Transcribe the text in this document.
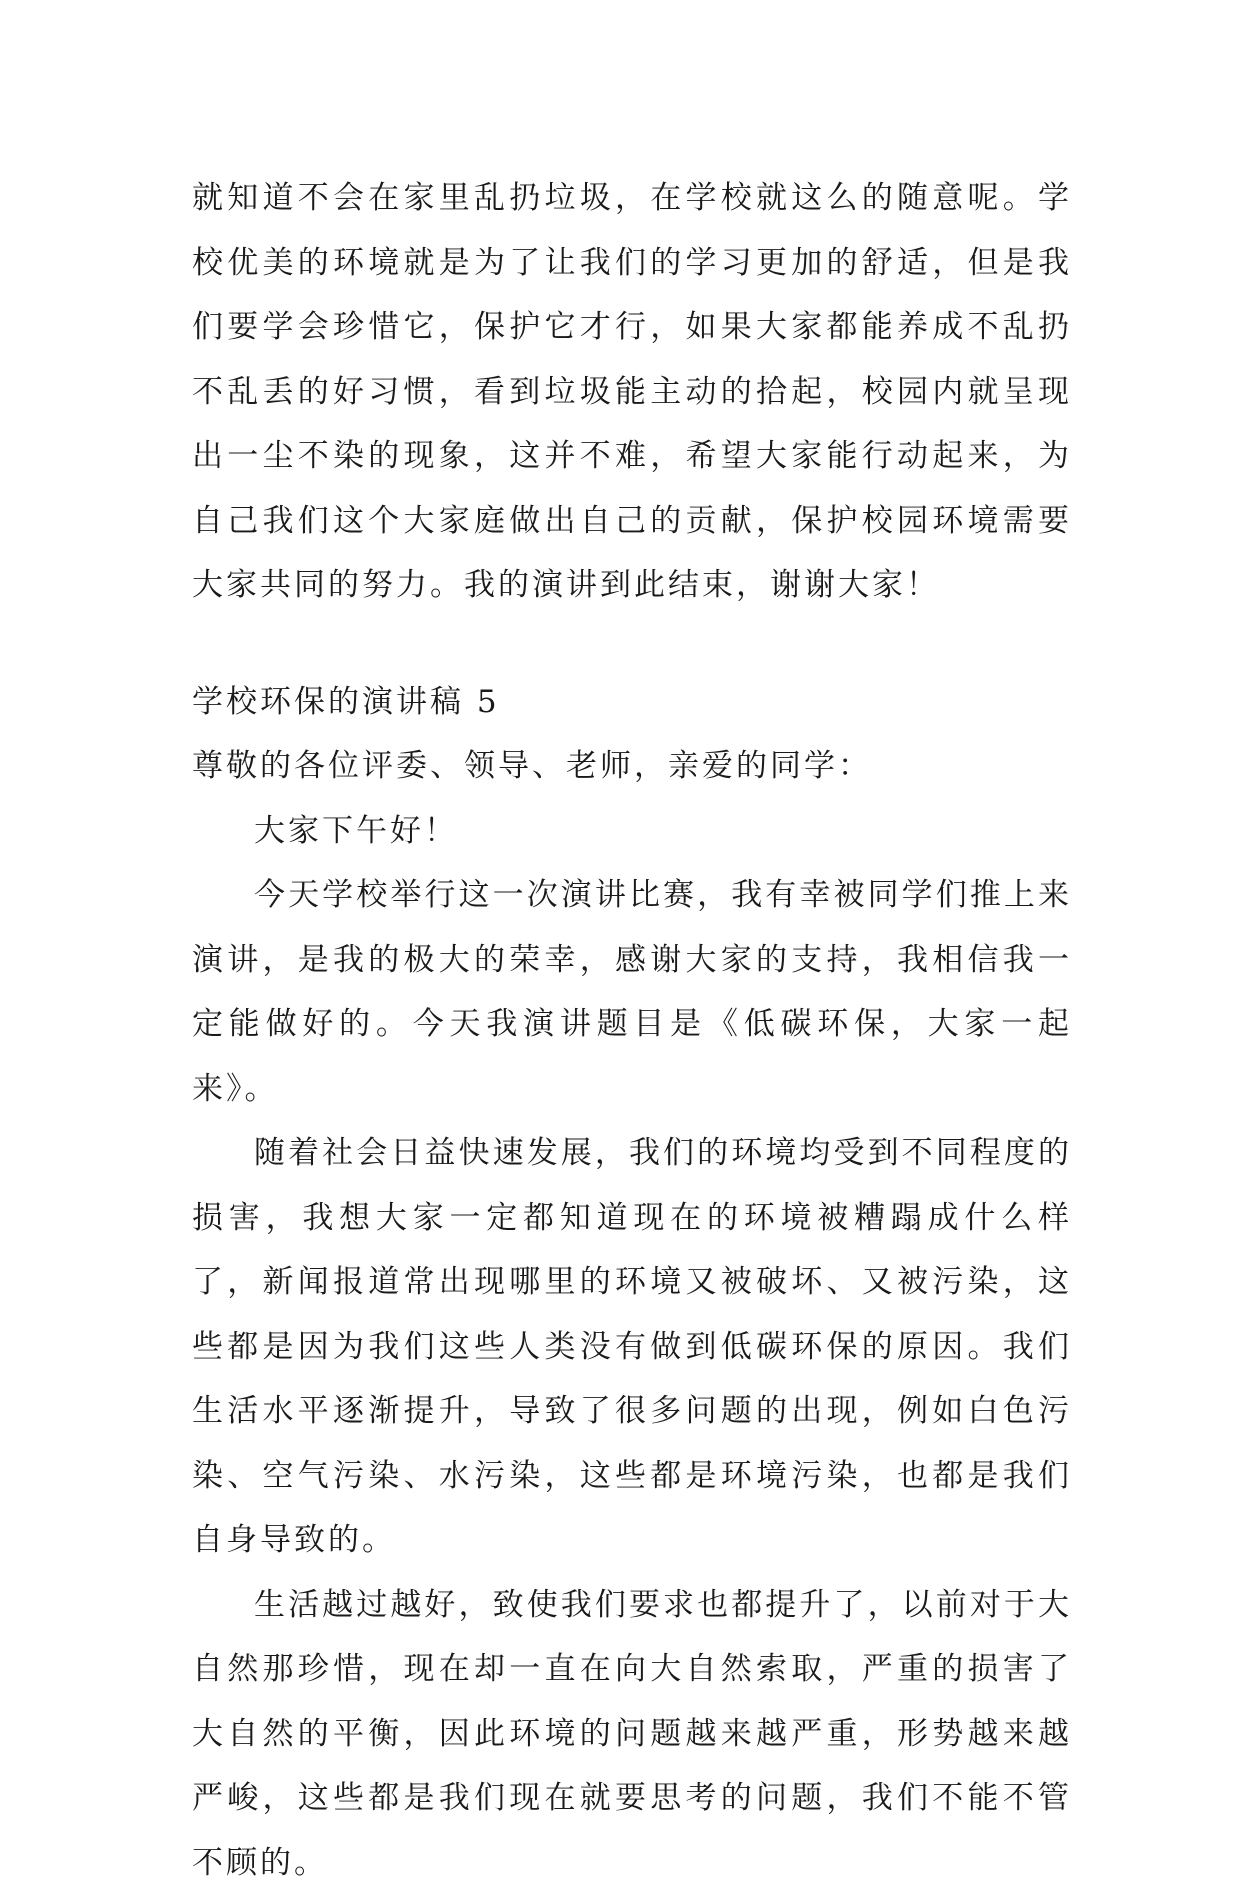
就知道不会在家里乱扔垃圾，在学校就这么的随意呢。学校优美的环境就是为了让我们的学习更加的舒适，但是我们要学会珍惜它，保护它才行，如果大家都能养成不乱扔不乱丢的好习惯，看到垃圾能主动的拾起，校园内就呈现出一尘不染的现象，这并不难，希望大家能行动起来，为自己我们这个大家庭做出自己的贡献，保护校园环境需要大家共同的努力。我的演讲到此结束，谢谢大家！

学校环保的演讲稿 5

尊敬的各位评委、领导、老师，亲爱的同学：

大家下午好！

今天学校举行这一次演讲比赛，我有幸被同学们推上来演讲，是我的极大的荣幸，感谢大家的支持，我相信我一定能做好的。今天我演讲题目是《低碳环保，大家一起来》。

随着社会日益快速发展，我们的环境均受到不同程度的损害，我想大家一定都知道现在的环境被糟蹋成什么样了，新闻报道常出现哪里的环境又被破坏、又被污染，这些都是因为我们这些人类没有做到低碳环保的原因。我们生活水平逐渐提升，导致了很多问题的出现，例如白色污染、空气污染、水污染，这些都是环境污染，也都是我们自身导致的。

生活越过越好，致使我们要求也都提升了，以前对于大自然那珍惜，现在却一直在向大自然索取，严重的损害了大自然的平衡，因此环境的问题越来越严重，形势越来越严峻，这些都是我们现在就要思考的问题，我们不能不管不顾的。
